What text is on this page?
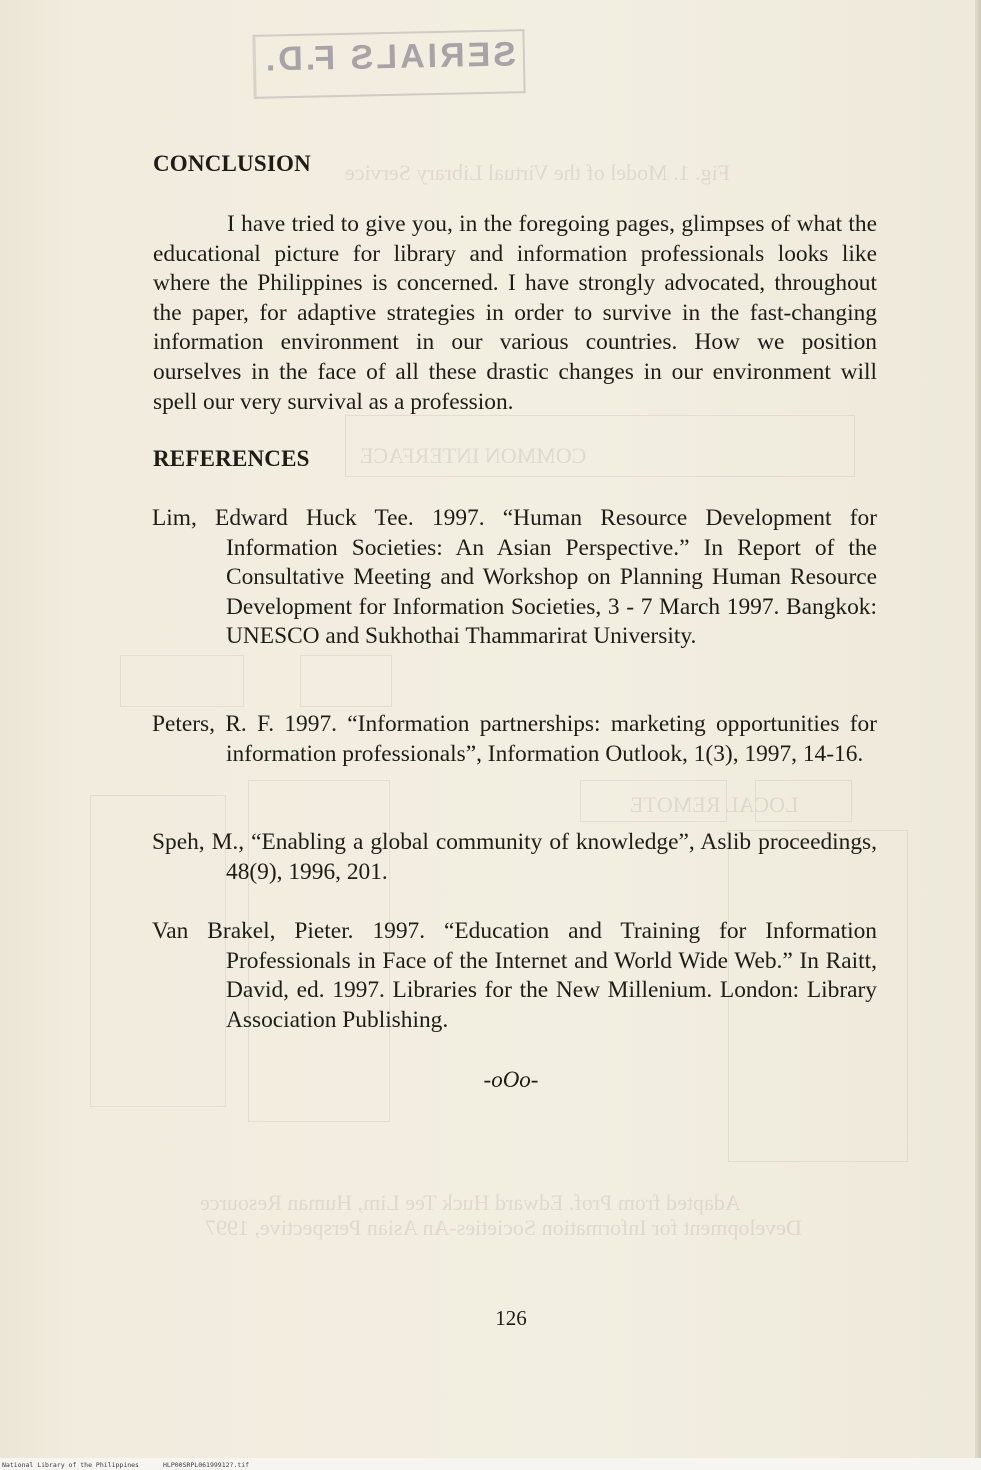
Fig. 1. Model of the Virtual Library Service
COMMON INTERFACE
LOCAL REMOTE
Adapted from Prof. Edward Huck Tee Lim, Human Resource
Development for Information Societies-An Asian Perspective, 1997
SERIALS F.D.
CONCLUSION

I have tried to give you, in the foregoing pages, glimpses of what the educational picture for library and information professionals looks like where the Philippines is concerned. I have strongly advocated, throughout the paper, for adaptive strategies in order to survive in the fast-changing information environment in our various countries. How we position ourselves in the face of all these drastic changes in our environment will spell our very survival as a profession.

REFERENCES

Lim, Edward Huck Tee. 1997. “Human Resource Development for Information Societies: An Asian Perspective.” In Report of the Consultative Meeting and Workshop on Planning Human Resource Development for Information Societies, 3 - 7 March 1997. Bangkok: UNESCO and Sukhothai Thammarirat University.

Peters, R. F. 1997. “Information partnerships: marketing opportunities for information professionals”, Information Outlook, 1(3), 1997, 14-16.

Speh, M., “Enabling a global community of knowledge”, Aslib proceedings, 48(9), 1996, 201.

Van Brakel, Pieter. 1997. “Education and Training for Information Professionals in Face of the Internet and World Wide Web.” In Raitt, David, ed. 1997. Libraries for the New Millenium. London: Library Association Publishing.

-oOo-
126
National Library of the Philippines	HLP00SRPL06199912?.tif
